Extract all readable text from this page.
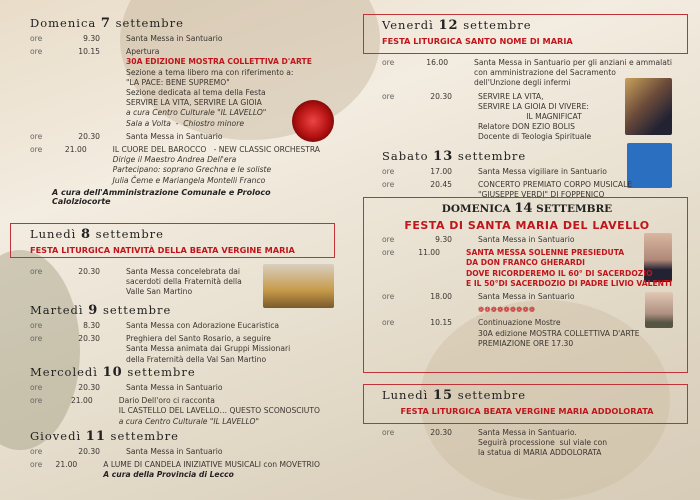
Domenica 7 settembre
ore	9.30	Santa Messa in Santuario
ore	10.15	Apertura
30A EDIZIONE MOSTRA COLLETTIVA D'ARTE
Sezione a tema libero ma con riferimento a:
"LA PACE: BENE SUPREMO"
Sezione dedicata al tema della Festa
SERVIRE LA VITA, SERVIRE LA GIOIA
a cura Centro Culturale "IL LAVELLO"
Sala a Volta  -  Chiostro minore
ore	20.30	Santa Messa in Santuario
ore	21.00	IL CUORE DEL BAROCCO   - NEW CLASSIC ORCHESTRA
Dirige il Maestro Andrea Dell'era
Partecipano: soprano Grechna e le soliste
Julia Čeme e Mariangela Montelli Franco
A cura dell'Amministrazione Comunale e Proloco Calolziocorte
Lunedì 8 settembre
FESTA LITURGICA NATIVITÀ DELLA BEATA VERGINE MARIA
ore	20.30	Santa Messa concelebrata dai
sacerdoti della Fraternità della
Valle San Martino
Martedì 9 settembre
ore	8.30	Santa Messa con Adorazione Eucaristica
ore	20.30	Preghiera del Santo Rosario, a seguire
Santa Messa animata dai Gruppi Missionari
della Fraternità della Val San Martino
Mercoledì 10 settembre
ore	20.30	Santa Messa in Santuario
ore	21.00	Dario Dell'oro ci racconta
IL CASTELLO DEL LAVELLO… QUESTO SCONOSCIUTO
a cura Centro Culturale "IL LAVELLO"
Giovedì 11 settembre
ore	20.30	Santa Messa in Santuario
ore	21.00	A LUME DI CANDELA INIZIATIVE MUSICALI con MOVETRIO
A cura della Provincia di Lecco
Venerdì 12 settembre
FESTA LITURGICA SANTO NOME DI MARIA
ore	16.00	Santa Messa in Santuario per gli anziani e ammalati
con amministrazione del Sacramento
dell'Unzione degli infermi
ore	20.30	SERVIRE LA VITA,
SERVIRE LA GIOIA DI VIVERE:
IL MAGNIFICAT
Relatore DON EZIO BOLIS
Docente di Teologia Spirituale
Sabato 13 settembre
ore	17.00	Santa Messa vigiliare in Santuario
ore	20.45	CONCERTO PREMIATO CORPO MUSICALE
"GIUSEPPE VERDI" DI FOPPENICO
DOMENICA 14 SETTEMBRE
FESTA DI SANTA MARIA DEL LAVELLO
ore	9.30	Santa Messa in Santuario
ore	11.00	SANTA MESSA SOLENNE PRESIEDUTA
DA DON FRANCO GHERARDI
DOVE RICORDEREMO IL 60° DI SACERDOZIO
E IL 50°DI SACERDOZIO DI PADRE LIVIO VALENTI
ore	18.00	Santa Messa in Santuario
❁❁❁❁❁❁❁❁❁
ore	10.15	Continuazione Mostre
30A edizione MOSTRA COLLETTIVA D'ARTE
PREMIAZIONE ORE 17.30
Lunedì 15 settembre
FESTA LITURGICA BEATA VERGINE MARIA ADDOLORATA
ore	20.30	Santa Messa in Santuario.
Seguirà processione  sul viale con
la statua di MARIA ADDOLORATA
